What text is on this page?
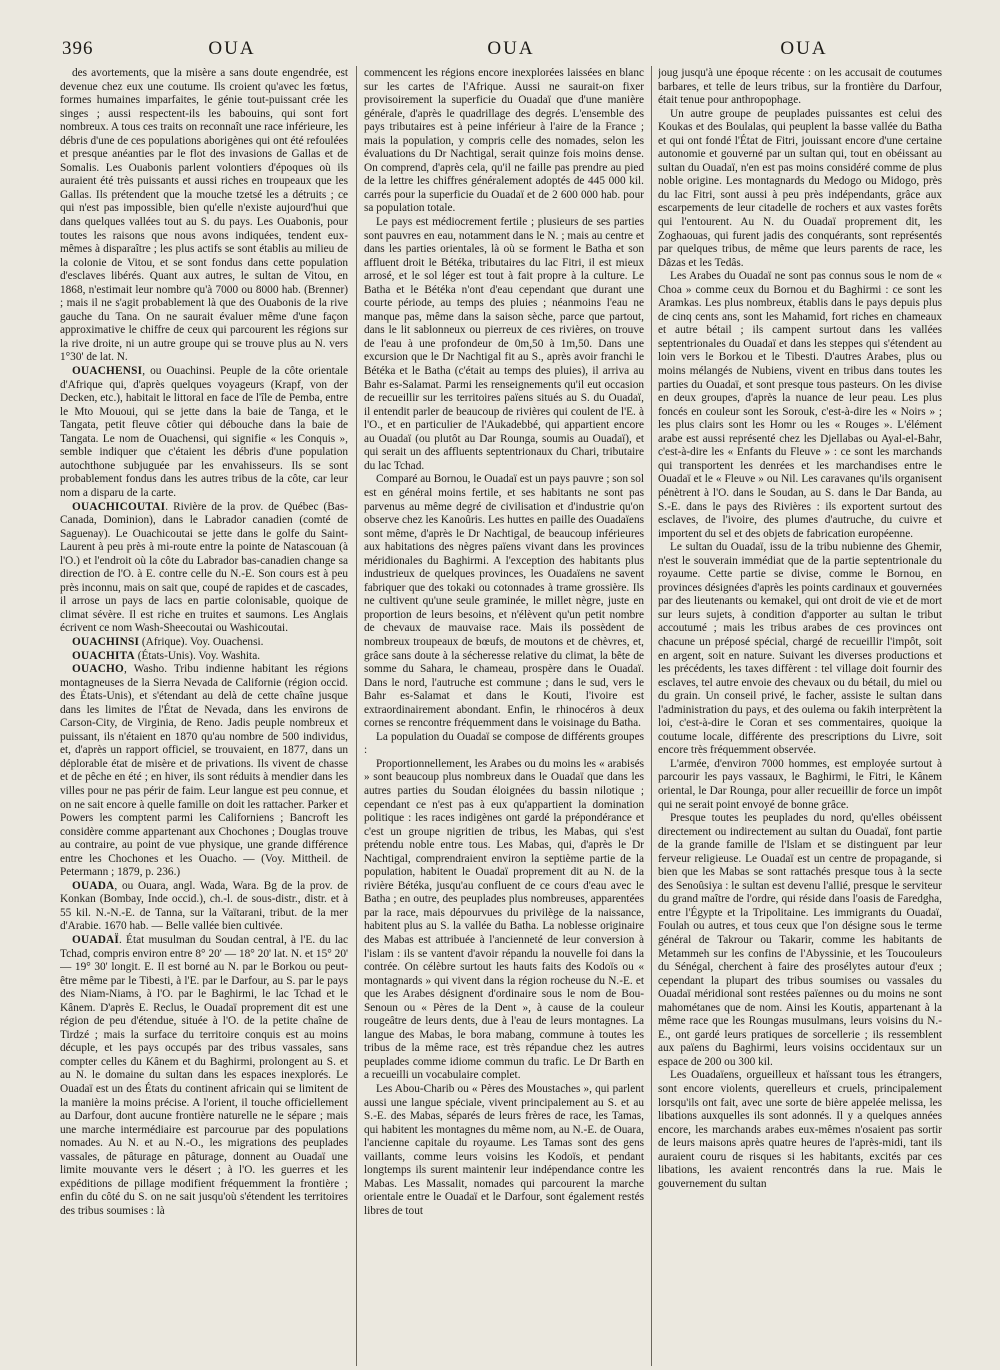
396	OUA	OUA	OUA

des avortements, que la misère a sans doute engendrée, est devenue chez eux une coutume. Ils croient qu'avec les fœtus, formes humaines imparfaites, le génie tout-puissant crée les singes ; aussi respectent-ils les babouins, qui sont fort nombreux. A tous ces traits on reconnaît une race inférieure, les débris d'une de ces populations aborigènes qui ont été refoulées et presque anéanties par le flot des invasions de Gallas et de Somalis. Les Ouabonis parlent volontiers d'époques où ils auraient été très puissants et aussi riches en troupeaux que les Gallas. Ils prétendent que la mouche tzetsé les a détruits ; ce qui n'est pas impossible, bien qu'elle n'existe aujourd'hui que dans quelques vallées tout au S. du pays. Les Ouabonis, pour toutes les raisons que nous avons indiquées, tendent eux-mêmes à disparaître ; les plus actifs se sont établis au milieu de la colonie de Vitou, et se sont fondus dans cette population d'esclaves libérés. Quant aux autres, le sultan de Vitou, en 1868, n'estimait leur nombre qu'à 7000 ou 8000 hab. (Brenner) ; mais il ne s'agit probablement là que des Ouabonis de la rive gauche du Tana. On ne saurait évaluer même d'une façon approximative le chiffre de ceux qui parcourent les régions sur la rive droite, ni un autre groupe qui se trouve plus au N. vers 1°30' de lat. N.

OUACHENSI, ou Ouachinsi. Peuple de la côte orientale d'Afrique qui, d'après quelques voyageurs (Krapf, von der Decken, etc.), habitait le littoral en face de l'île de Pemba, entre le Mto Mououi, qui se jette dans la baie de Tanga, et le Tangata, petit fleuve côtier qui débouche dans la baie de Tangata. Le nom de Ouachensi, qui signifie « les Conquis », semble indiquer que c'étaient les débris d'une population autochthone subjuguée par les envahisseurs. Ils se sont probablement fondus dans les autres tribus de la côte, car leur nom a disparu de la carte.

OUACHICOUTAI. Rivière de la prov. de Québec (Bas-Canada, Dominion), dans le Labrador canadien (comté de Saguenay). Le Ouachicoutai se jette dans le golfe du Saint-Laurent à peu près à mi-route entre la pointe de Natascouan (à l'O.) et l'endroit où la côte du Labrador bas-canadien change sa direction de l'O. à E. contre celle du N.-E. Son cours est à peu près inconnu, mais on sait que, coupé de rapides et de cascades, il arrose un pays de lacs en partie colonisable, quoique de climat sévère. Il est riche en truites et saumons. Les Anglais écrivent ce nom Wash-Sheecoutai ou Washicoutai.

OUACHINSI (Afrique). Voy. Ouachensi.

OUACHITA (États-Unis). Voy. Washita.

OUACHO, Washo. Tribu indienne habitant les régions montagneuses de la Sierra Nevada de Californie (région occid. des États-Unis), et s'étendant au delà de cette chaîne jusque dans les limites de l'État de Nevada, dans les environs de Carson-City, de Virginia, de Reno. Jadis peuple nombreux et puissant, ils n'étaient en 1870 qu'au nombre de 500 individus, et, d'après un rapport officiel, se trouvaient, en 1877, dans un déplorable état de misère et de privations. Ils vivent de chasse et de pêche en été ; en hiver, ils sont réduits à mendier dans les villes pour ne pas périr de faim. Leur langue est peu connue, et on ne sait encore à quelle famille on doit les rattacher. Parker et Powers les comptent parmi les Californiens ; Bancroft les considère comme appartenant aux Chochones ; Douglas trouve au contraire, au point de vue physique, une grande différence entre les Chochones et les Ouacho. — (Voy. Mittheil. de Petermann ; 1879, p. 236.)

OUADA, ou Ouara, angl. Wada, Wara. Bg de la prov. de Konkan (Bombay, Inde occid.), ch.-l. de sous-distr., distr. et à 55 kil. N.-N.-E. de Tanna, sur la Vaïtarani, tribut. de la mer d'Arabie. 1670 hab. — Belle vallée bien cultivée.

OUADAÏ. État musulman du Soudan central, à l'E. du lac Tchad, compris environ entre 8° 20' — 18° 20' lat. N. et 15° 20' — 19° 30' longit. E. Il est borné au N. par le Borkou ou peut-être même par le Tibesti, à l'E. par le Darfour, au S. par le pays des Niam-Niams, à l'O. par le Baghirmi, le lac Tchad et le Kânem. D'après E. Reclus, le Ouadaï proprement dit est une région de peu d'étendue, située à l'O. de la petite chaîne de Tirdzé ; mais la surface du territoire conquis est au moins décuple, et les pays occupés par des tribus vassales, sans compter celles du Kânem et du Baghirmi, prolongent au S. et au N. le domaine du sultan dans les espaces inexplorés. Le Ouadaï est un des États du continent africain qui se limitent de la manière la moins précise. A l'orient, il touche officiellement au Darfour, dont aucune frontière naturelle ne le sépare ; mais une marche intermédiaire est parcourue par des populations nomades. Au N. et au N.-O., les migrations des peuplades vassales, de pâturage en pâturage, donnent au Ouadaï une limite mouvante vers le désert ; à l'O. les guerres et les expéditions de pillage modifient fréquemment la frontière ; enfin du côté du S. on ne sait jusqu'où s'étendent les territoires des tribus soumises : là

commencent les régions encore inexplorées laissées en blanc sur les cartes de l'Afrique. Aussi ne saurait-on fixer provisoirement la superficie du Ouadaï que d'une manière générale, d'après le quadrillage des degrés. L'ensemble des pays tributaires est à peine inférieur à l'aire de la France ; mais la population, y compris celle des nomades, selon les évaluations du Dr Nachtigal, serait quinze fois moins dense. On comprend, d'après cela, qu'il ne faille pas prendre au pied de la lettre les chiffres généralement adoptés de 445 000 kil. carrés pour la superficie du Ouadaï et de 2 600 000 hab. pour sa population totale.

Le pays est médiocrement fertile ; plusieurs de ses parties sont pauvres en eau, notamment dans le N. ; mais au centre et dans les parties orientales, là où se forment le Batha et son affluent droit le Bétéka, tributaires du lac Fitri, il est mieux arrosé, et le sol léger est tout à fait propre à la culture. Le Batha et le Bétéka n'ont d'eau cependant que durant une courte période, au temps des pluies ; néanmoins l'eau ne manque pas, même dans la saison sèche, parce que partout, dans le lit sablonneux ou pierreux de ces rivières, on trouve de l'eau à une profondeur de 0m,50 à 1m,50. Dans une excursion que le Dr Nachtigal fit au S., après avoir franchi le Bétéka et le Batha (c'était au temps des pluies), il arriva au Bahr es-Salamat. Parmi les renseignements qu'il eut occasion de recueillir sur les territoires païens situés au S. du Ouadaï, il entendit parler de beaucoup de rivières qui coulent de l'E. à l'O., et en particulier de l'Aukadebbé, qui appartient encore au Ouadaï (ou plutôt au Dar Rounga, soumis au Ouadaï), et qui serait un des affluents septentrionaux du Chari, tributaire du lac Tchad.

Comparé au Bornou, le Ouadaï est un pays pauvre ; son sol est en général moins fertile, et ses habitants ne sont pas parvenus au même degré de civilisation et d'industrie qu'on observe chez les Kanoûris. Les huttes en paille des Ouadaïens sont même, d'après le Dr Nachtigal, de beaucoup inférieures aux habitations des nègres païens vivant dans les provinces méridionales du Baghirmi. A l'exception des habitants plus industrieux de quelques provinces, les Ouadaïens ne savent fabriquer que des tokaki ou cotonnades à trame grossière. Ils ne cultivent qu'une seule graminée, le millet nègre, juste en proportion de leurs besoins, et n'élèvent qu'un petit nombre de chevaux de mauvaise race. Mais ils possèdent de nombreux troupeaux de bœufs, de moutons et de chèvres, et, grâce sans doute à la sécheresse relative du climat, la bête de somme du Sahara, le chameau, prospère dans le Ouadaï. Dans le nord, l'autruche est commune ; dans le sud, vers le Bahr es-Salamat et dans le Kouti, l'ivoire est extraordinairement abondant. Enfin, le rhinocéros à deux cornes se rencontre fréquemment dans le voisinage du Batha.

La population du Ouadaï se compose de différents groupes :

Proportionnellement, les Arabes ou du moins les « arabisés » sont beaucoup plus nombreux dans le Ouadaï que dans les autres parties du Soudan éloignées du bassin nilotique ; cependant ce n'est pas à eux qu'appartient la domination politique : les races indigènes ont gardé la prépondérance et c'est un groupe nigritien de tribus, les Mabas, qui s'est prétendu noble entre tous. Les Mabas, qui, d'après le Dr Nachtigal, comprendraient environ la septième partie de la population, habitent le Ouadaï proprement dit au N. de la rivière Bétéka, jusqu'au confluent de ce cours d'eau avec le Batha ; en outre, des peuplades plus nombreuses, apparentées par la race, mais dépourvues du privilège de la naissance, habitent plus au S. la vallée du Batha. La noblesse originaire des Mabas est attribuée à l'ancienneté de leur conversion à l'islam : ils se vantent d'avoir répandu la nouvelle foi dans la contrée. On célèbre surtout les hauts faits des Kodoïs ou « montagnards » qui vivent dans la région rocheuse du N.-E. et que les Arabes désignent d'ordinaire sous le nom de Bou-Senoun ou « Pères de la Dent », à cause de la couleur rougeâtre de leurs dents, due à l'eau de leurs montagnes. La langue des Mabas, le bora mabang, commune à toutes les tribus de la même race, est très répandue chez les autres peuplades comme idiome commun du trafic. Le Dr Barth en a recueilli un vocabulaire complet.

Les Abou-Charib ou « Pères des Moustaches », qui parlent aussi une langue spéciale, vivent principalement au S. et au S.-E. des Mabas, séparés de leurs frères de race, les Tamas, qui habitent les montagnes du même nom, au N.-E. de Ouara, l'ancienne capitale du royaume. Les Tamas sont des gens vaillants, comme leurs voisins les Kodoïs, et pendant longtemps ils surent maintenir leur indépendance contre les Mabas. Les Massalit, nomades qui parcourent la marche orientale entre le Ouadaï et le Darfour, sont également restés libres de tout

joug jusqu'à une époque récente : on les accusait de coutumes barbares, et telle de leurs tribus, sur la frontière du Darfour, était tenue pour anthropophage.

Un autre groupe de peuplades puissantes est celui des Koukas et des Boulalas, qui peuplent la basse vallée du Batha et qui ont fondé l'État de Fitri, jouissant encore d'une certaine autonomie et gouverné par un sultan qui, tout en obéissant au sultan du Ouadaï, n'en est pas moins considéré comme de plus noble origine. Les montagnards du Medogo ou Midogo, près du lac Fitri, sont aussi à peu près indépendants, grâce aux escarpements de leur citadelle de rochers et aux vastes forêts qui l'entourent. Au N. du Ouadaï proprement dit, les Zoghaouas, qui furent jadis des conquérants, sont représentés par quelques tribus, de même que leurs parents de race, les Dâzas et les Tedâs.

Les Arabes du Ouadaï ne sont pas connus sous le nom de « Choa » comme ceux du Bornou et du Baghirmi : ce sont les Aramkas. Les plus nombreux, établis dans le pays depuis plus de cinq cents ans, sont les Mahamid, fort riches en chameaux et autre bétail ; ils campent surtout dans les vallées septentrionales du Ouadaï et dans les steppes qui s'étendent au loin vers le Borkou et le Tibesti. D'autres Arabes, plus ou moins mélangés de Nubiens, vivent en tribus dans toutes les parties du Ouadaï, et sont presque tous pasteurs. On les divise en deux groupes, d'après la nuance de leur peau. Les plus foncés en couleur sont les Sorouk, c'est-à-dire les « Noirs » ; les plus clairs sont les Homr ou les « Rouges ». L'élément arabe est aussi représenté chez les Djellabas ou Ayal-el-Bahr, c'est-à-dire les « Enfants du Fleuve » : ce sont les marchands qui transportent les denrées et les marchandises entre le Ouadaï et le « Fleuve » ou Nil. Les caravanes qu'ils organisent pénètrent à l'O. dans le Soudan, au S. dans le Dar Banda, au S.-E. dans le pays des Rivières : ils exportent surtout des esclaves, de l'ivoire, des plumes d'autruche, du cuivre et importent du sel et des objets de fabrication européenne.

Le sultan du Ouadaï, issu de la tribu nubienne des Ghemir, n'est le souverain immédiat que de la partie septentrionale du royaume. Cette partie se divise, comme le Bornou, en provinces désignées d'après les points cardinaux et gouvernées par des lieutenants ou kemakel, qui ont droit de vie et de mort sur leurs sujets, à condition d'apporter au sultan le tribut accoutumé ; mais les tribus arabes de ces provinces ont chacune un préposé spécial, chargé de recueillir l'impôt, soit en argent, soit en nature. Suivant les diverses productions et les précédents, les taxes diffèrent : tel village doit fournir des esclaves, tel autre envoie des chevaux ou du bétail, du miel ou du grain. Un conseil privé, le facher, assiste le sultan dans l'administration du pays, et des oulema ou fakih interprètent la loi, c'est-à-dire le Coran et ses commentaires, quoique la coutume locale, différente des prescriptions du Livre, soit encore très fréquemment observée.

L'armée, d'environ 7000 hommes, est employée surtout à parcourir les pays vassaux, le Baghirmi, le Fitri, le Kânem oriental, le Dar Rounga, pour aller recueillir de force un impôt qui ne serait point envoyé de bonne grâce.

Presque toutes les peuplades du nord, qu'elles obéissent directement ou indirectement au sultan du Ouadaï, font partie de la grande famille de l'Islam et se distinguent par leur ferveur religieuse. Le Ouadaï est un centre de propagande, si bien que les Mabas se sont rattachés presque tous à la secte des Senoûsiya : le sultan est devenu l'allié, presque le serviteur du grand maître de l'ordre, qui réside dans l'oasis de Faredgha, entre l'Égypte et la Tripolitaine. Les immigrants du Ouadaï, Foulah ou autres, et tous ceux que l'on désigne sous le terme général de Takrour ou Takarir, comme les habitants de Metammeh sur les confins de l'Abyssinie, et les Toucouleurs du Sénégal, cherchent à faire des prosélytes autour d'eux ; cependant la plupart des tribus soumises ou vassales du Ouadaï méridional sont restées païennes ou du moins ne sont mahométanes que de nom. Ainsi les Koutis, appartenant à la même race que les Roungas musulmans, leurs voisins du N.-E., ont gardé leurs pratiques de sorcellerie ; ils ressemblent aux païens du Baghirmi, leurs voisins occidentaux sur un espace de 200 ou 300 kil.

Les Ouadaïens, orgueilleux et haïssant tous les étrangers, sont encore violents, querelleurs et cruels, principalement lorsqu'ils ont fait, avec une sorte de bière appelée melissa, les libations auxquelles ils sont adonnés. Il y a quelques années encore, les marchands arabes eux-mêmes n'osaient pas sortir de leurs maisons après quatre heures de l'après-midi, tant ils auraient couru de risques si les habitants, excités par ces libations, les avaient rencontrés dans la rue. Mais le gouvernement du sultan
